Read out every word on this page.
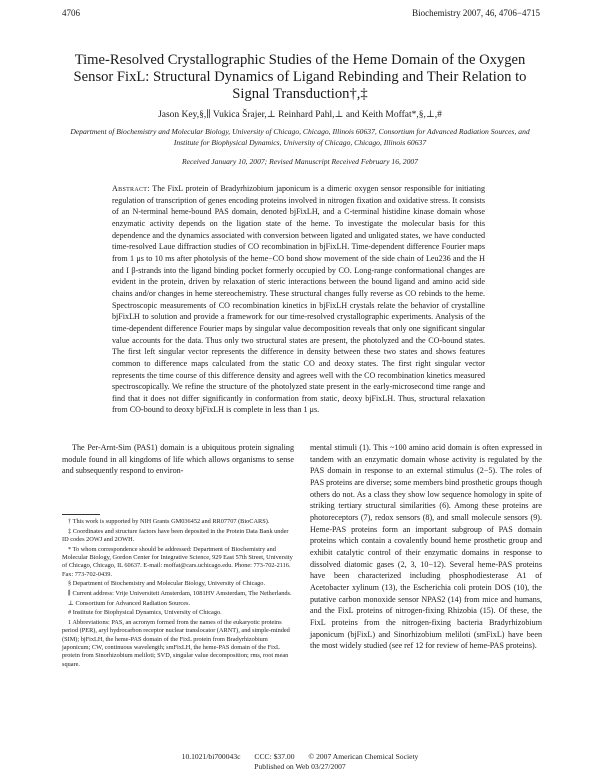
4706	Biochemistry 2007, 46, 4706−4715
Time-Resolved Crystallographic Studies of the Heme Domain of the Oxygen Sensor FixL: Structural Dynamics of Ligand Rebinding and Their Relation to Signal Transduction†,‡
Jason Key,§,∥ Vukica Šrajer,⊥ Reinhard Pahl,⊥ and Keith Moffat*,§,⊥,#
Department of Biochemistry and Molecular Biology, University of Chicago, Chicago, Illinois 60637, Consortium for Advanced Radiation Sources, and Institute for Biophysical Dynamics, University of Chicago, Chicago, Illinois 60637
Received January 10, 2007; Revised Manuscript Received February 16, 2007

Abstract: The FixL protein of Bradyrhizobium japonicum is a dimeric oxygen sensor responsible for initiating regulation of transcription of genes encoding proteins involved in nitrogen fixation and oxidative stress. It consists of an N-terminal heme-bound PAS domain, denoted bjFixLH, and a C-terminal histidine kinase domain whose enzymatic activity depends on the ligation state of the heme. To investigate the molecular basis for this dependence and the dynamics associated with conversion between ligated and unligated states, we have conducted time-resolved Laue diffraction studies of CO recombination in bjFixLH. Time-dependent difference Fourier maps from 1 μs to 10 ms after photolysis of the heme−CO bond show movement of the side chain of Leu236 and the H and I β-strands into the ligand binding pocket formerly occupied by CO. Long-range conformational changes are evident in the protein, driven by relaxation of steric interactions between the bound ligand and amino acid side chains and/or changes in heme stereochemistry. These structural changes fully reverse as CO rebinds to the heme. Spectroscopic measurements of CO recombination kinetics in bjFixLH crystals relate the behavior of crystalline bjFixLH to solution and provide a framework for our time-resolved crystallographic experiments. Analysis of the time-dependent difference Fourier maps by singular value decomposition reveals that only one significant singular value accounts for the data. Thus only two structural states are present, the photolyzed and the CO-bound states. The first left singular vector represents the difference in density between these two states and shows features common to difference maps calculated from the static CO and deoxy states. The first right singular vector represents the time course of this difference density and agrees well with the CO recombination kinetics measured spectroscopically. We refine the structure of the photolyzed state present in the early-microsecond time range and find that it does not differ significantly in conformation from static, deoxy bjFixLH. Thus, structural relaxation from CO-bound to deoxy bjFixLH is complete in less than 1 μs.

The Per-Arnt-Sim (PAS1) domain is a ubiquitous protein signaling module found in all kingdoms of life which allows organisms to sense and subsequently respond to environ-

mental stimuli (1). This ~100 amino acid domain is often expressed in tandem with an enzymatic domain whose activity is regulated by the PAS domain in response to an external stimulus (2−5). The roles of PAS proteins are diverse; some members bind prosthetic groups though others do not. As a class they show low sequence homology in spite of striking tertiary structural similarities (6). Among these proteins are photoreceptors (7), redox sensors (8), and small molecule sensors (9). Heme-PAS proteins form an important subgroup of PAS domain proteins which contain a covalently bound heme prosthetic group and exhibit catalytic control of their enzymatic domains in response to dissolved diatomic gases (2, 3, 10−12). Several heme-PAS proteins have been characterized including phosphodiesterase A1 of Acetobacter xylinum (13), the Escherichia coli protein DOS (10), the putative carbon monoxide sensor NPAS2 (14) from mice and humans, and the FixL proteins of nitrogen-fixing Rhizobia (15). Of these, the FixL proteins from the nitrogen-fixing bacteria Bradyrhizobium japonicum (bjFixL) and Sinorhizobium meliloti (smFixL) have been the most widely studied (see ref 12 for review of heme-PAS proteins).

† This work is supported by NIH Grants GM036452 and RR07707 (BioCARS).

‡ Coordinates and structure factors have been deposited in the Protein Data Bank under ID codes 2OWJ and 2OWH.

* To whom correspondence should be addressed: Department of Biochemistry and Molecular Biology, Gordon Center for Integrative Science, 929 East 57th Street, University of Chicago, Chicago, IL 60637. E-mail: moffat@cars.uchicago.edu. Phone: 773-702-2116. Fax: 773-702-0439.

§ Department of Biochemistry and Molecular Biology, University of Chicago.

∥ Current address: Vrije Universiteit Amsterdam, 1081HV Amsterdam, The Netherlands.

⊥ Consortium for Advanced Radiation Sources.

# Institute for Biophysical Dynamics, University of Chicago.

1 Abbreviations: PAS, an acronym formed from the names of the eukaryotic proteins period (PER), aryl hydrocarbon receptor nuclear translocator (ARNT), and simple-minded (SIM); bjFixLH, the heme-PAS domain of the FixL protein from Bradyrhizobium japonicum; CW, continuous wavelength; smFixLH, the heme-PAS domain of the FixL protein from Sinorhizobium meliloti; SVD, singular value decomposition; rms, root mean square.

10.1021/bi700043c CCC: $37.00 © 2007 American Chemical Society
Published on Web 03/27/2007
